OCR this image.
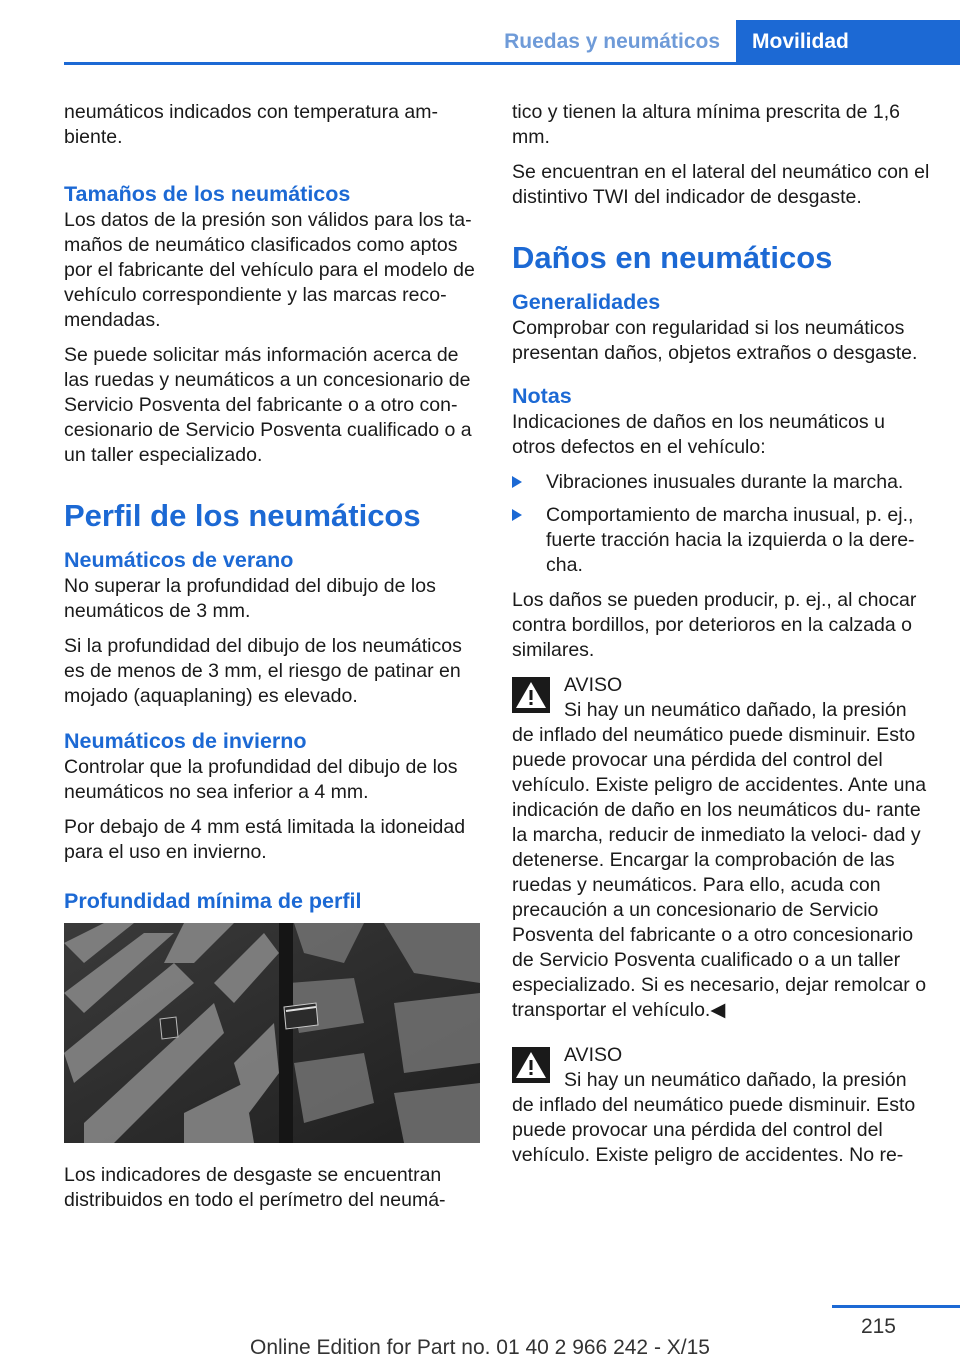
Ruedas y neumáticos Movilidad

neumáticos indicados con temperatura am‐ biente.

Tamaños de los neumáticos

Los datos de la presión son válidos para los ta‐ maños de neumático clasificados como aptos por el fabricante del vehículo para el modelo de vehículo correspondiente y las marcas reco‐ mendadas.

Se puede solicitar más información acerca de las ruedas y neumáticos a un concesionario de Servicio Posventa del fabricante o a otro con‐ cesionario de Servicio Posventa cualificado o a un taller especializado.

Perfil de los neumáticos
Neumáticos de verano

No superar la profundidad del dibujo de los neumáticos de 3 mm.

Si la profundidad del dibujo de los neumáticos es de menos de 3 mm, el riesgo de patinar en mojado (aquaplaning) es elevado.

Neumáticos de invierno

Controlar que la profundidad del dibujo de los neumáticos no sea inferior a 4 mm.

Por debajo de 4 mm está limitada la idoneidad para el uso en invierno.

Profundidad mínima de perfil

Los indicadores de desgaste se encuentran distribuidos en todo el perímetro del neumá‐

tico y tienen la altura mínima prescrita de 1,6 mm.

Se encuentran en el lateral del neumático con el distintivo TWI del indicador de desgaste.

Daños en neumáticos
Generalidades

Comprobar con regularidad si los neumáticos presentan daños, objetos extraños o desgaste.

Notas

Indicaciones de daños en los neumáticos u otros defectos en el vehículo:

Vibraciones inusuales durante la marcha.
Comportamiento de marcha inusual, p. ej., fuerte tracción hacia la izquierda o la dere‐ cha.

Los daños se pueden producir, p. ej., al chocar contra bordillos, por deterioros en la calzada o similares.

AVISO
Si hay un neumático dañado, la presión de inflado del neumático puede disminuir. Esto puede provocar una pérdida del control del vehículo. Existe peligro de accidentes. Ante una indicación de daño en los neumáticos du‐ rante la marcha, reducir de inmediato la veloci‐ dad y detenerse. Encargar la comprobación de las ruedas y neumáticos. Para ello, acuda con precaución a un concesionario de Servicio Posventa del fabricante o a otro concesionario de Servicio Posventa cualificado o a un taller especializado. Si es necesario, dejar remolcar o transportar el vehículo.◀
AVISO
Si hay un neumático dañado, la presión de inflado del neumático puede disminuir. Esto puede provocar una pérdida del control del vehículo. Existe peligro de accidentes. No re‐
215
Online Edition for Part no. 01 40 2 966 242 - X/15
